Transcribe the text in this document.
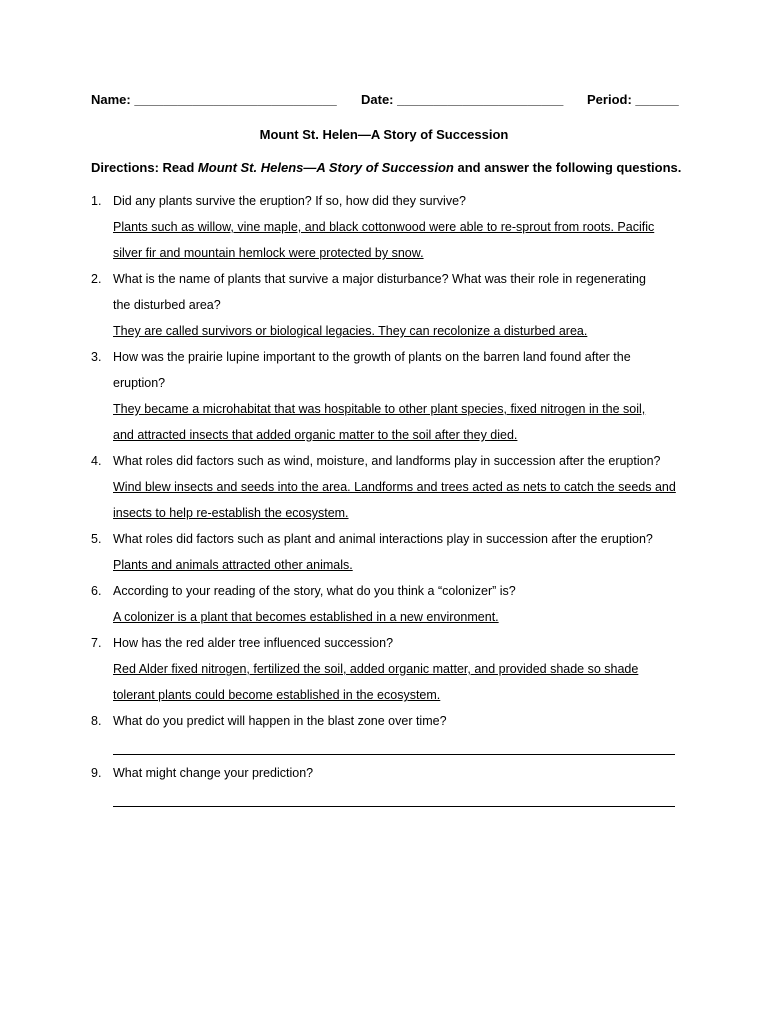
Name: ____________________________ Date: _______________________ Period: ______
Mount St. Helen—A Story of Succession
Directions: Read Mount St. Helens—A Story of Succession and answer the following questions.
1. Did any plants survive the eruption? If so, how did they survive?
Plants such as willow, vine maple, and black cottonwood were able to re-sprout from roots. Pacific
silver fir and mountain hemlock were protected by snow.
2. What is the name of plants that survive a major disturbance? What was their role in regenerating
the disturbed area?
They are called survivors or biological legacies. They can recolonize a disturbed area.
3. How was the prairie lupine important to the growth of plants on the barren land found after the
eruption?
They became a microhabitat that was hospitable to other plant species, fixed nitrogen in the soil,
and attracted insects that added organic matter to the soil after they died.
4. What roles did factors such as wind, moisture, and landforms play in succession after the eruption?
Wind blew insects and seeds into the area. Landforms and trees acted as nets to catch the seeds and
insects to help re-establish the ecosystem.
5. What roles did factors such as plant and animal interactions play in succession after the eruption?
Plants and animals attracted other animals.
6. According to your reading of the story, what do you think a “colonizer” is?
A colonizer is a plant that becomes established in a new environment.
7. How has the red alder tree influenced succession?
Red Alder fixed nitrogen, fertilized the soil, added organic matter, and provided shade so shade
tolerant plants could become established in the ecosystem.
8. What do you predict will happen in the blast zone over time?
9. What might change your prediction?
